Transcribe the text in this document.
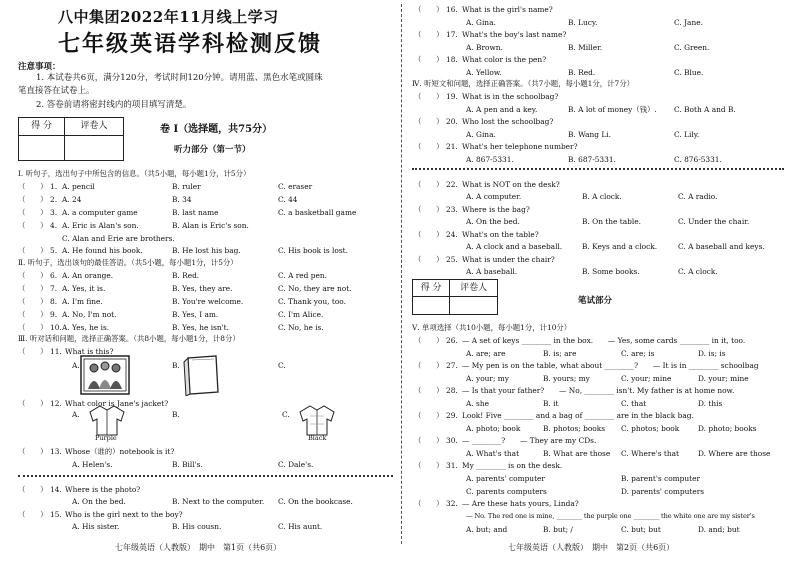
八中集团2022年11月线上学习
七年级英语学科检测反馈
注意事项：
1. 本试卷共6页，满分120分，考试时间120分钟。请用蓝、黑色水笔或圆珠
笔直接答在试卷上。
2. 答卷前请将密封线内的项目填写清楚。
得 分	评卷人
		卷 Ⅰ（选择题，共75分）
听力部分（第一节）
Ⅰ. 听句子，选出句子中所包含的信息。（共5小题，每小题1分，计5分）
（　　） 1. A. pencil	B. ruler	C. eraser
（　　） 2. A. 24	B. 34	C. 44
（　　） 3. A. a computer game	B. last name	C. a basketball game
（　　） 4. A. Eric is Alan's son.	B. Alan is Eric's son.
C. Alan and Erie are brothers.
（　　） 5. A. He found his book.	B. He lost his bag.	C. His book is lost.
Ⅱ. 听句子，选出该句的最佳答语。（共5小题，每小题1分，计5分）
（　　） 6. A. An orange.	B. Red.	C. A red pen.
（　　） 7. A. Yes, it is.	B. Yes, they are.	C. No, they are not.
（　　） 8. A. I'm fine.	B. You're welcome.	C. Thank you, too.
（　　） 9. A. No, I'm not.	B. Yes, I am.	C. I'm Alice.
（　　） 10. A. Yes, he is.	B. Yes, he isn't.	C. No, he is.
Ⅲ. 听对话和问题，选择正确答案。（共8小题，每小题1分，计8分）
（　　） 11. What is this?
A.	B.	C.
（　　） 12. What color is Jane's jacket?
A.
Purple
B.	C.
Black
（　　） 13. Whose（谁的）notebook is it?
A. Helen's.	B. Bill's.	C. Dale's.
（　　） 14. Where is the photo?
A. On the bed.	B. Next to the computer. C. On the bookcase.
（　　） 15. Who is the girl next to the boy?
A. His sister.	B. His cousn.	C. His aunt.
七年级英语（人教版）　期中　第1页（共6页）
（　　） 16. What is the girl's name?
A. Gina.	B. Lucy.	C. Jane.
（　　） 17. What's the boy's last name?
A. Brown.	B. Miller.	C. Green.
（　　） 18. What color is the pen?
A. Yellow.	B. Red.	C. Blue.
Ⅳ. 听短文和问题，选择正确答案。（共7小题，每小题1分，计7分）
（　　） 19. What is in the schoolbag?
A. A pen and a key.	B. A lot of money（钱）. C. Both A and B.
（　　） 20. Who lost the schoolbag?
A. Gina.	B. Wang Li.	C. Lily.
（　　） 21. What's her telephone number?
A. 867-5331.	B. 687-5331.	C. 876-5331.
（　　） 22. What is NOT on the desk?
A. A computer.	B. A clock.	C. A radio.
（　　） 23. Where is the bag?
A. On the bed.	B. On the table.	C. Under the chair.
（　　） 24. What's on the table?
A. A clock and a baseball.	B. Keys and a clock.	C. A baseball and keys.
（　　） 25. What is under the chair?
A. A baseball.	B. Some books.	C. A clock.
得 分	评卷人

笔试部分
Ⅴ. 单项选择（共10小题，每小题1分，计10分）
（　　） 26. — A set of keys ________ in the box.　　— Yes, some cards ________ in it, too.
A. are; are	B. is; are	C. are; is	D. is; is
（　　） 27. — My pen is on the table, what about ________?　　— It is in ________ schoolbag
A. your; my	B. yours; my	C. your; mine	D. your; mine
（　　） 28. — Is that your father?　　— No, ________ isn't. My father is at home now.
A. she	B. it	C. that	D. this
（　　） 29. Look! Five ________ and a bag of ________ are in the black bag.
A. photo; book	B. photos; books C. photos; book	D. photo; books
（　　） 30. — ________?　　— They are my CDs.
A. What's that	B. What are those C. Where's that	D. Where are those
（　　） 31. My ________ is on the desk.
A. parents' computer	B. parent's computer
C. parents computers	D. parents' computers
（　　） 32. — Are these hats yours, Linda?
— No. The red one is mine, ________ the purple one ________ the white one are my sister's
A. but; and	B. but; /	C. but; but	D. and; but
七年级英语（人教版）　期中　第2页（共6页）
